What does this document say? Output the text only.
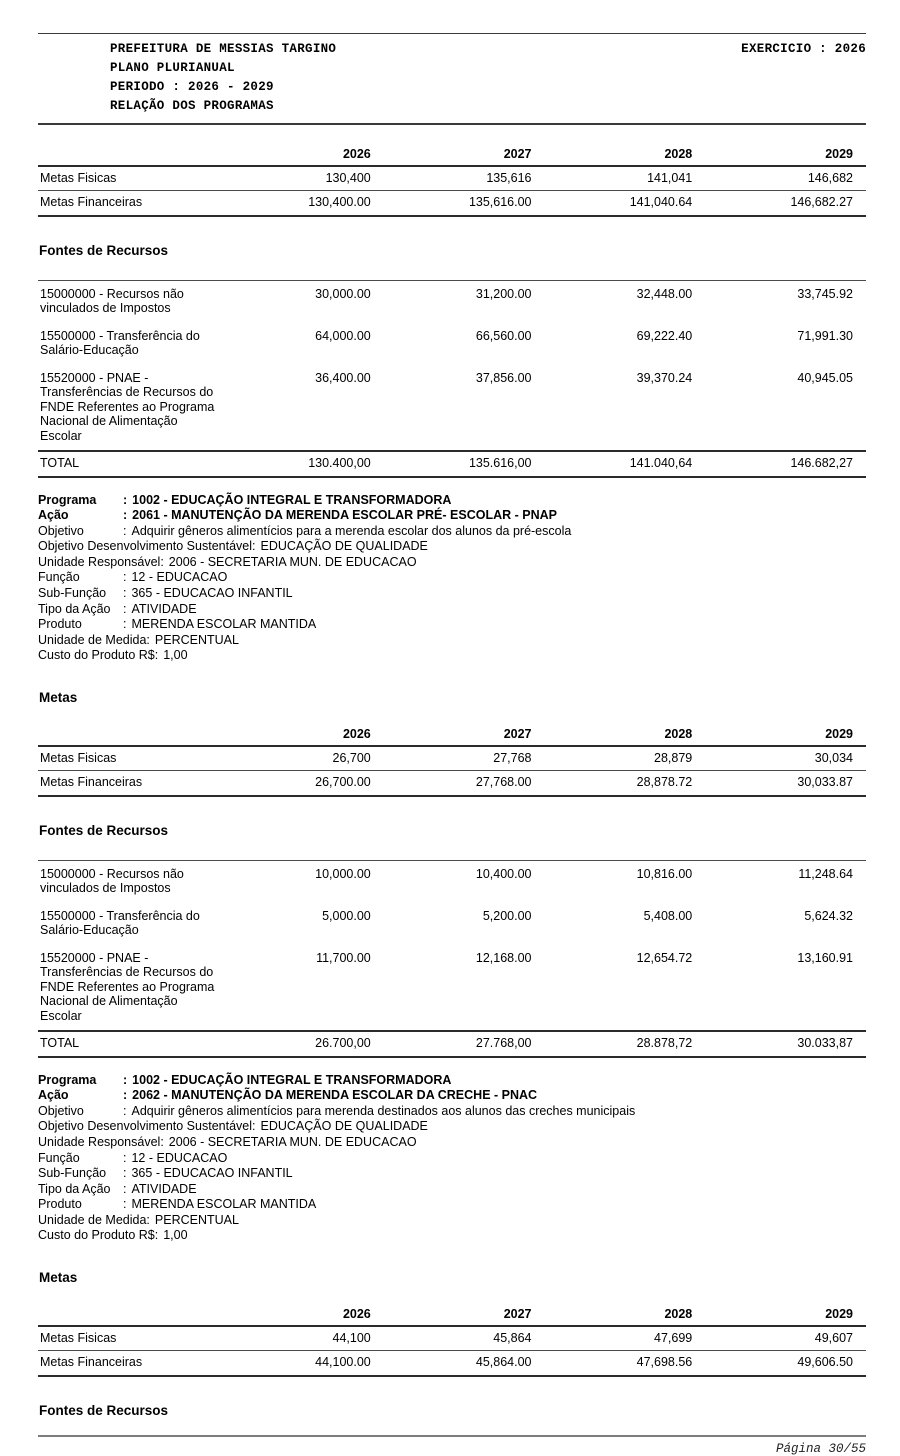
PREFEITURA DE MESSIAS TARGINO	EXERCICIO : 2026
PLANO PLURIANUAL
PERIODO : 2026 - 2029
RELAÇÃO DOS PROGRAMAS
2026	2027	2028	2029
Metas Fisicas	130,400	135,616	141,041	146,682
Metas Financeiras	130,400.00	135,616.00	141,040.64	146,682.27
Fontes de Recursos
15000000 - Recursos não vinculados de Impostos
30,000.00	31,200.00	32,448.00	33,745.92
15500000 - Transferência do Salário-Educação
64,000.00	66,560.00	69,222.40	71,991.30
15520000 - PNAE - Transferências de Recursos do FNDE Referentes ao Programa Nacional de Alimentação Escolar
36,400.00	37,856.00	39,370.24	40,945.05
TOTAL	130.400,00	135.616,00	141.040,64	146.682,27
Programa	: 1002 - EDUCAÇÃO INTEGRAL E TRANSFORMADORA
Ação	: 2061 - MANUTENÇÃO DA MERENDA ESCOLAR PRÉ- ESCOLAR - PNAP
Objetivo	: Adquirir gêneros alimentícios para a merenda escolar dos alunos da pré-escola
Objetivo Desenvolvimento Sustentável : EDUCAÇÃO DE QUALIDADE
Unidade Responsável : 2006 - SECRETARIA MUN. DE EDUCACAO
Função	: 12 - EDUCACAO
Sub-Função	: 365 - EDUCACAO INFANTIL
Tipo da Ação : ATIVIDADE
Produto	: MERENDA ESCOLAR MANTIDA
Unidade de Medida : PERCENTUAL
Custo do Produto R$ : 1,00
Metas
2026	2027	2028	2029
Metas Fisicas	26,700	27,768	28,879	30,034
Metas Financeiras	26,700.00	27,768.00	28,878.72	30,033.87
Fontes de Recursos
15000000 - Recursos não vinculados de Impostos
10,000.00	10,400.00	10,816.00	11,248.64
15500000 - Transferência do Salário-Educação
5,000.00	5,200.00	5,408.00	5,624.32
15520000 - PNAE - Transferências de Recursos do FNDE Referentes ao Programa Nacional de Alimentação Escolar
11,700.00	12,168.00	12,654.72	13,160.91
TOTAL	26.700,00	27.768,00	28.878,72	30.033,87
Programa	: 1002 - EDUCAÇÃO INTEGRAL E TRANSFORMADORA
Ação	: 2062 - MANUTENÇÃO DA MERENDA ESCOLAR DA CRECHE - PNAC
Objetivo	: Adquirir gêneros alimentícios para merenda destinados aos alunos das creches municipais
Objetivo Desenvolvimento Sustentável : EDUCAÇÃO DE QUALIDADE
Unidade Responsável : 2006 - SECRETARIA MUN. DE EDUCACAO
Função	: 12 - EDUCACAO
Sub-Função	: 365 - EDUCACAO INFANTIL
Tipo da Ação : ATIVIDADE
Produto	: MERENDA ESCOLAR MANTIDA
Unidade de Medida : PERCENTUAL
Custo do Produto R$ : 1,00
Metas
2026	2027	2028	2029
Metas Fisicas	44,100	45,864	47,699	49,607
Metas Financeiras	44,100.00	45,864.00	47,698.56	49,606.50
Fontes de Recursos
Página 30/55
